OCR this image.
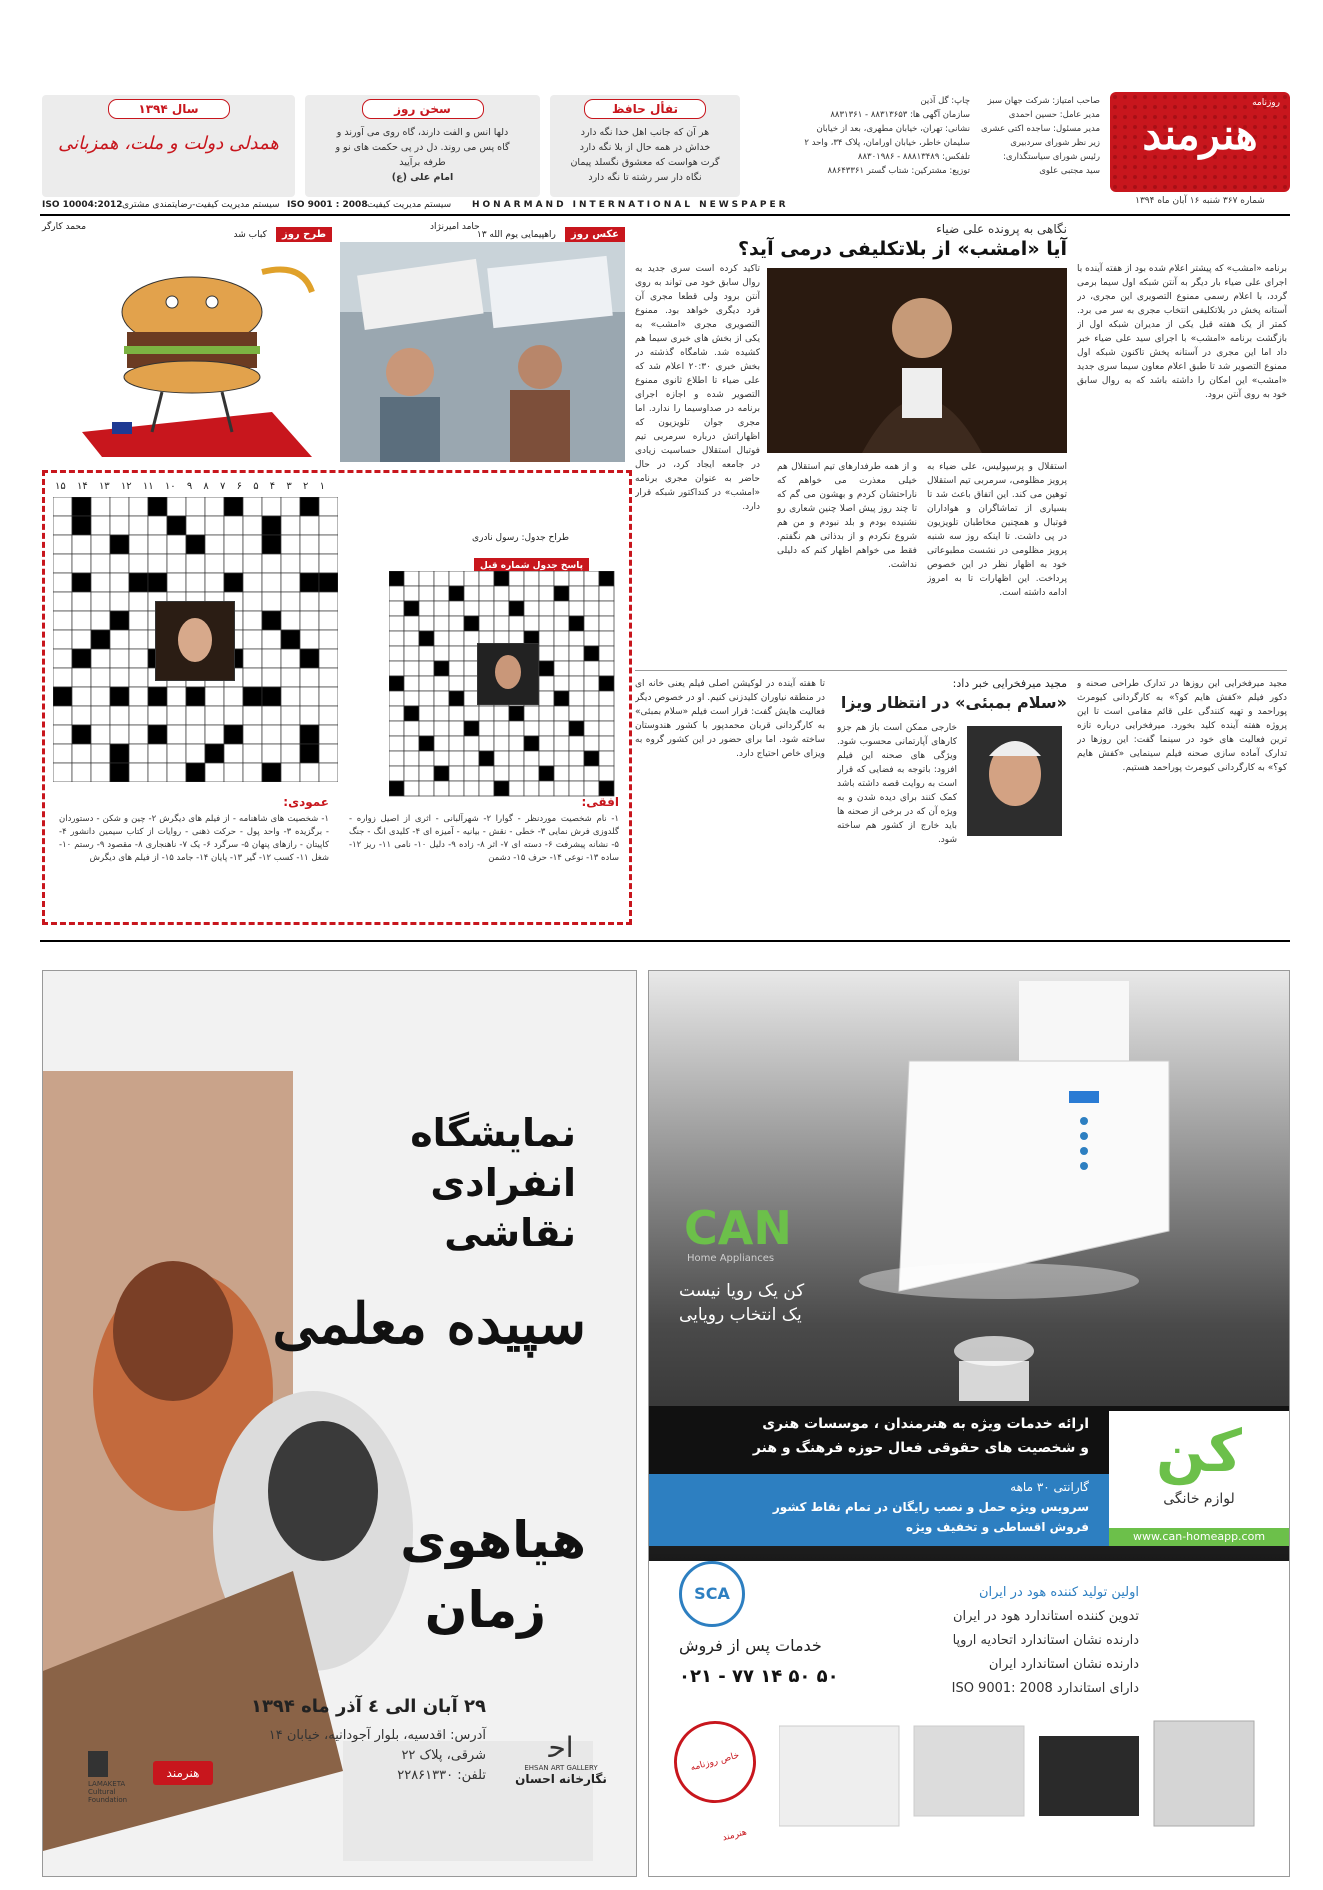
هنرمند
روزنامه
شماره ۳۶۷ شنبه ۱۶ آبان ماه ۱۳۹۴
صاحب امتیاز: شرکت جهان سبز
مدیر عامل: حسین احمدی
مدیر مسئول: ساجده اکتی عشری
زیر نظر شورای سردبیری
رئیس شورای سیاستگذاری:
سید مجتبی علوی
چاپ: گل آذین
سازمان آگهی ها: ۸۸۳۱۳۶۵۳ - ۸۸۳۱۳۶۱
نشانی: تهران، خیابان مطهری، بعد از خیابان
سلیمان خاطر، خیابان اورامان، پلاک ۳۴، واحد ۲
تلفکس: ۸۸۸۱۳۴۸۹ - ۸۸۳۰۱۹۸۶
توزیع: مشترکین: شتاب گستر ۸۸۶۴۳۳۶۱
تفأل حافظ
هر آن که جانب اهل خدا نگه دارد
خداش در همه حال از بلا نگه دارد
گرت هواست که معشوق نگسلد پیمان
نگاه دار سر رشته تا نگه دارد
سخن روز
دلها انس و الفت دارند، گاه روی می آورند و
گاه پس می روند. دل در پی حکمت های نو و
طرفه برآیید
امام علی (ع)
سال ۱۳۹۴
همدلی دولت و ملت، همزبانی
ISO 10004:2012 سیستم مدیریت کیفیت-رضایتمندی مشتری ISO 9001 : 2008 سیستم مدیریت کیفیت HONARMAND INTERNATIONAL NEWSPAPER
طرح روز کباب شد
محمد کارگر
عکس روز راهپیمایی یوم الله ۱۳
حامد امیرنژاد	نگاهی به پرونده علی ضیاء
آیا «امشب» از بلاتکلیفی درمی آید؟
برنامه «امشب» که پیشتر اعلام شده بود از هفته آینده با اجرای علی ضیاء بار دیگر به آنتن شبکه اول سیما برمی گردد، با اعلام رسمی ممنوع التصویری این مجری، در آستانه پخش در بلاتکلیفی انتخاب مجری به سر می برد. کمتر از یک هفته قبل یکی از مدیران شبکه اول از بازگشت برنامه «امشب» با اجرای سید علی ضیاء خبر داد اما این مجری در آستانه پخش تاکنون شبکه اول ممنوع التصویر شد تا طبق اعلام معاون سیما سری جدید «امشب» این امکان را داشته باشد که به روال سابق خود به روی آنتن برود.
استقلال و پرسپولیس، علی ضیاء به پرویز مظلومی، سرمربی تیم استقلال توهین می کند. این اتفاق باعث شد تا بسیاری از تماشاگران و هواداران فوتبال و همچنین مخاطبان تلویزیون در پی داشت. تا اینکه روز سه شنبه پرویز مظلومی در نشست مطبوعاتی خود به اظهار نظر در این خصوص پرداخت. این اظهارات تا به امروز ادامه داشته است.
و از همه طرفدارهای تیم استقلال هم خیلی معذرت می خواهم که ناراحتشان کردم و بهشون می گم که تا چند روز پیش اصلا چنین شعاری رو نشنیده بودم و بلد نبودم و من هم شروع نکردم و از بدذاتی هم نگفتم. فقط می خواهم اظهار کنم که دلیلی نداشت.
تاکید کرده است سری جدید به روال سابق خود می تواند به روی آنتن برود ولی قطعا مجری آن فرد دیگری خواهد بود. ممنوع التصویری مجری «امشب» به یکی از بخش های خبری سیما هم کشیده شد. شامگاه گذشته در بخش خبری ۲۰:۳۰ اعلام شد که علی ضیاء تا اطلاع ثانوی ممنوع التصویر شده و اجازه اجرای برنامه در صداوسیما را ندارد. اما مجری جوان تلویزیون که اظهاراتش درباره سرمربی تیم فوتبال استقلال حساسیت زیادی در جامعه ایجاد کرد، در حال حاضر به عنوان مجری برنامه «امشب» در کنداکتور شبکه قرار دارد.
۱
۲
۳
۴
۵
۶
۷
۸
۹
۱۰
۱۱
۱۲
۱۳
۱۴
۱۵
طراح جدول: رسول نادری
پاسخ جدول شماره قبل
افقی:
۱- نام شخصیت موردنظر - گوارا ۲- شهرآلبانی - اثری از اصیل زواره - گلدوزی فرش نمایی ۳- خطی - نقش - بیانیه - آمیزه ای ۴- کلیدی انگ - جنگ ۵- نشانه پیشرفت ۶- دسته ای ۷- اثر ۸- زاده ۹- دلیل ۱۰- نامی ۱۱- ریز ۱۲- ساده ۱۳- نوعی ۱۴- حرف ۱۵- دشمن
عمودی:
۱- شخصیت های شاهنامه - از فیلم های دیگرش ۲- چین و شکن - دستوردان - برگزیده ۳- واحد پول - حرکت ذهنی - روایات از کتاب سیمین دانشور ۴- کاپیتان - رازهای پنهان ۵- سرگرد ۶- یک ۷- ناهنجاری ۸- مقصود ۹- رستم ۱۰- شغل ۱۱- کسب ۱۲- گیر ۱۳- پایان ۱۴- جامد ۱۵- از فیلم های دیگرش
مجید میرفخرایی این روزها در تدارک طراحی صحنه و دکور فیلم «کفش هایم کو؟» به کارگردانی کیومرث پوراحمد و تهیه کنندگی علی قائم مقامی است تا این پروژه هفته آینده کلید بخورد. میرفخرایی درباره تازه ترین فعالیت های خود در سینما گفت: این روزها در تدارک آماده سازی صحنه فیلم سینمایی «کفش هایم کو؟» به کارگردانی کیومرث پوراحمد هستیم.
مجید میرفخرایی خبر داد:
«سلام بمبئی» در انتظار ویزا
خارجی ممکن است باز هم جزو کارهای آپارتمانی محسوب شود. ویژگی های صحنه این فیلم افزود: باتوجه به فضایی که قرار است به روایت قصه داشته باشد کمک کنند برای دیده شدن و به ویژه آن که در برخی از صحنه ها باید خارج از کشور هم ساخته شود.
تا هفته آینده در لوکیشن اصلی فیلم یعنی خانه ای در منطقه نیاوران کلیدزنی کنیم. او در خصوص دیگر فعالیت هایش گفت: قرار است فیلم «سلام بمبئی» به کارگردانی قربان محمدپور با کشور هندوستان ساخته شود. اما برای حضور در این کشور گروه به ویزای خاص احتیاج دارد.
نمایشگاه
انفرادی
نقاشی
سپیده معلمی
هیاهوی
زمان
۲۹ آبان الی ٤ آذر ماه ۱۳۹۴
آدرس: اقدسیه، بلوار آجودانیه، خیابان ۱۴ شرقی، پلاک ۲۲
تلفن: ۲۲۸۶۱۳۳۰
ﺍﺣ
EHSAN ART GALLERY
نگارخانه احسان
LAMAKETA Cultural Foundation
هنرمند
CAN
Home Appliances
کن یک رویا نیست
یک انتخاب رویایی
ارائه خدمات ویژه به هنرمندان ، موسسات هنری
و شخصیت های حقوقی فعال حوزه فرهنگ و هنر	کن
لوازم خانگی
www.can-homeapp.com
گارانتی ۳۰ ماهه
سرویس ویژه حمل و نصب رایگان در تمام نقاط کشور
فروش اقساطی و تخفیف ویژه
اولین تولید کننده هود در ایران
تدوین کننده استاندارد هود در ایران
دارنده نشان استاندارد اتحادیه اروپا
دارنده نشان استاندارد ایران
دارای استاندارد ISO 9001: 2008
SCA
خدمات پس از فروش
۰۲۱ - ۷۷ ۱۴ ۵۰ ۵۰
خاص روزنامه هنرمند
